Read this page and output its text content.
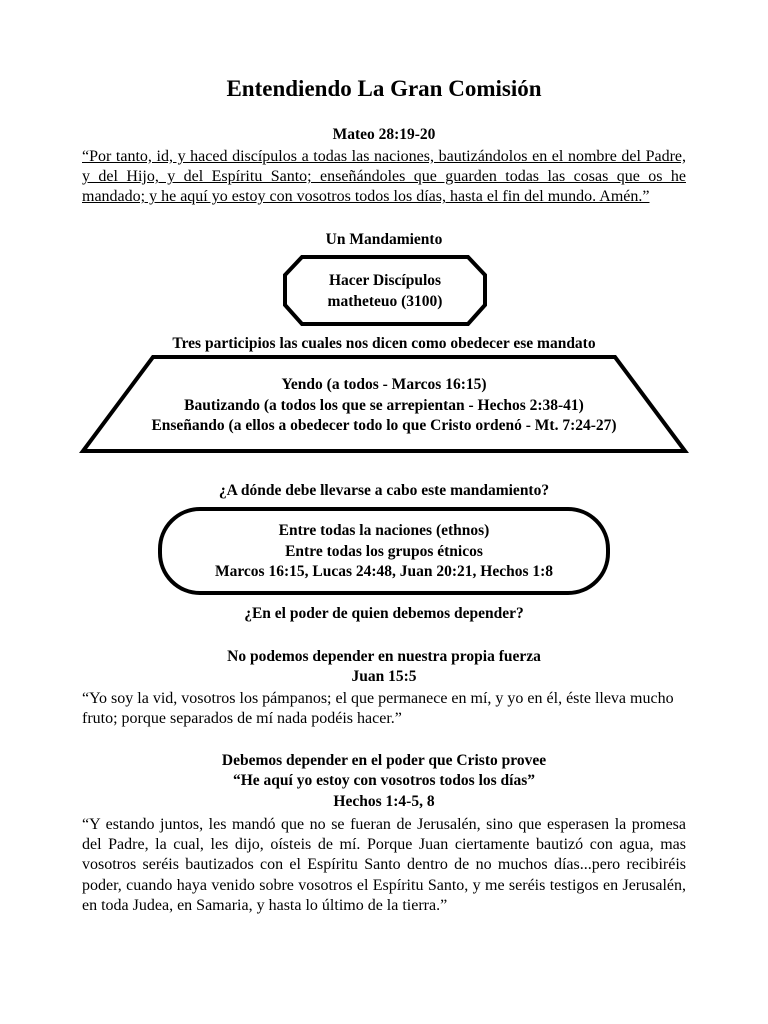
Entendiendo La Gran Comisión
Mateo 28:19-20
“Por tanto, id, y haced discípulos a todas las naciones, bautizándolos en el nombre del Padre, y del Hijo, y del Espíritu Santo; enseñándoles que guarden todas las cosas que os he mandado; y he aquí yo estoy con vosotros todos los días, hasta el fin del mundo. Amén.”
Un Mandamiento
Hacer Discípulos
matheteuo (3100)
Tres participios las cuales nos dicen como obedecer ese mandato
Yendo (a todos - Marcos 16:15)
Bautizando (a todos los que se arrepientan - Hechos 2:38-41)
Enseñando (a ellos a obedecer todo lo que Cristo ordenó - Mt. 7:24-27)
¿A dónde debe llevarse a cabo este mandamiento?
Entre todas la naciones (ethnos)
Entre todas los grupos étnicos
Marcos 16:15, Lucas 24:48, Juan 20:21, Hechos 1:8
¿En el poder de quien debemos depender?
No podemos depender en nuestra propia fuerza
Juan 15:5
“Yo soy la vid, vosotros los pámpanos; el que permanece en mí, y yo en él, éste lleva mucho fruto; porque separados de mí nada podéis hacer.”
Debemos depender en el poder que Cristo provee
“He aquí yo estoy con vosotros todos los días”
Hechos 1:4-5, 8
“Y estando juntos, les mandó que no se fueran de Jerusalén, sino que esperasen la promesa del Padre, la cual, les dijo, oísteis de mí. Porque Juan ciertamente bautizó con agua, mas vosotros seréis bautizados con el Espíritu Santo dentro de no muchos días...pero recibiréis poder, cuando haya venido sobre vosotros el Espíritu Santo, y me seréis testigos en Jerusalén, en toda Judea, en Samaria, y hasta lo último de la tierra.”
